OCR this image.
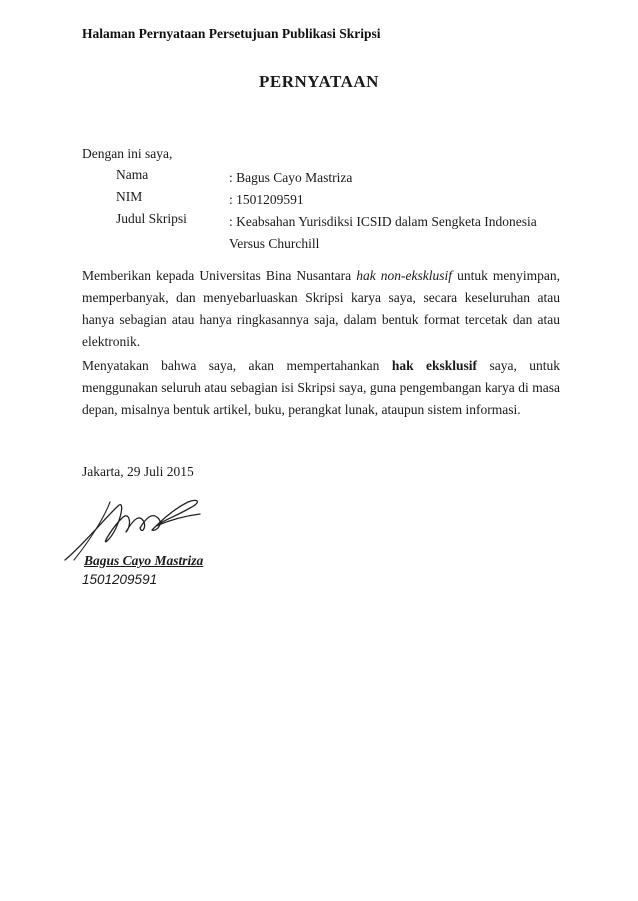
Halaman Pernyataan Persetujuan Publikasi Skripsi
PERNYATAAN
Dengan ini saya,
Nama	: Bagus Cayo Mastriza
NIM	: 1501209591
Judul Skripsi	: Keabsahan Yurisdiksi ICSID dalam Sengketa Indonesia Versus Churchill
Memberikan kepada Universitas Bina Nusantara hak non-eksklusif untuk menyimpan, memperbanyak, dan menyebarluaskan Skripsi karya saya, secara keseluruhan atau hanya sebagian atau hanya ringkasannya saja, dalam bentuk format tercetak dan atau elektronik.
Menyatakan bahwa saya, akan mempertahankan hak eksklusif saya, untuk menggunakan seluruh atau sebagian isi Skripsi saya, guna pengembangan karya di masa depan, misalnya bentuk artikel, buku, perangkat lunak, ataupun sistem informasi.
Jakarta, 29 Juli 2015
Bagus Cayo Mastriza
1501209591
